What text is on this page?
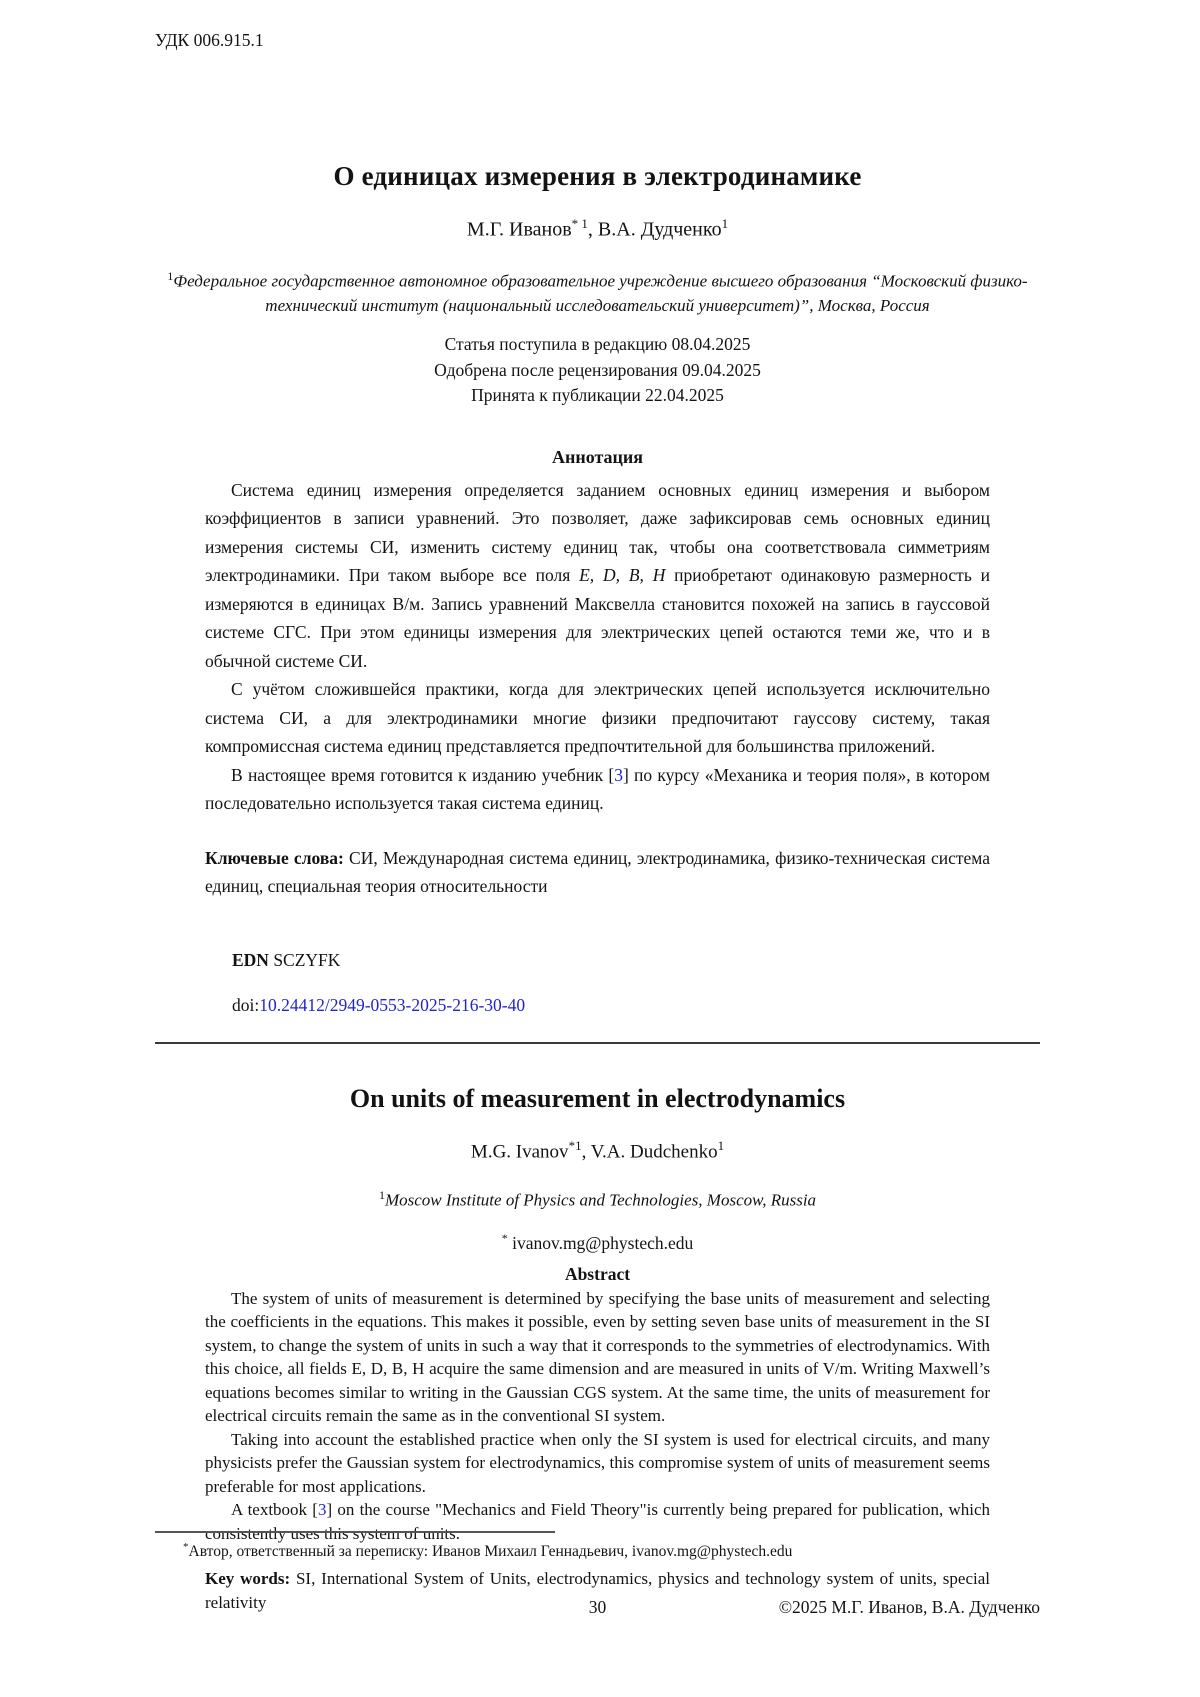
УДК 006.915.1
О единицах измерения в электродинамике
М.Г. Иванов$^{* 1}$, В.А. Дудченко$^1$
$^1$Федеральное государственное автономное образовательное учреждение высшего образования “Московский физико-технический институт (национальный исследовательский университет)”, Москва, Россия
Статья поступила в редакцию 08.04.2025
Одобрена после рецензирования 09.04.2025
Принята к публикации 22.04.2025
Аннотация

Система единиц измерения определяется заданием основных единиц измерения и выбором коэффициентов в записи уравнений. Это позволяет, даже зафиксировав семь основных единиц измерения системы СИ, изменить систему единиц так, чтобы она соответствовала симметриям электродинамики. При таком выборе все поля E, D, B, H приобретают одинаковую размерность и измеряются в единицах В/м. Запись уравнений Максвелла становится похожей на запись в гауссовой системе СГС. При этом единицы измерения для электрических цепей остаются теми же, что и в обычной системе СИ.

С учётом сложившейся практики, когда для электрических цепей используется исключительно система СИ, а для электродинамики многие физики предпочитают гауссову систему, такая компромиссная система единиц представляется предпочтительной для большинства приложений.

В настоящее время готовится к изданию учебник [3] по курсу «Механика и теория поля», в котором последовательно используется такая система единиц.

Ключевые слова: СИ, Международная система единиц, электродинамика, физико-техническая система единиц, специальная теория относительности
EDN SCZYFK
doi:10.24412/2949-0553-2025-216-30-40
On units of measurement in electrodynamics
M.G. Ivanov$^{*1}$, V.A. Dudchenko$^1$
$^1$Moscow Institute of Physics and Technologies, Moscow, Russia
* ivanov.mg@phystech.edu
Abstract

The system of units of measurement is determined by specifying the base units of measurement and selecting the coefficients in the equations. This makes it possible, even by setting seven base units of measurement in the SI system, to change the system of units in such a way that it corresponds to the symmetries of electrodynamics. With this choice, all fields E, D, B, H acquire the same dimension and are measured in units of V/m. Writing Maxwell’s equations becomes similar to writing in the Gaussian CGS system. At the same time, the units of measurement for electrical circuits remain the same as in the conventional SI system.

Taking into account the established practice when only the SI system is used for electrical circuits, and many physicists prefer the Gaussian system for electrodynamics, this compromise system of units of measurement seems preferable for most applications.

A textbook [3] on the course "Mechanics and Field Theory"is currently being prepared for publication, which consistently uses this system of units.

Key words: SI, International System of Units, electrodynamics, physics and technology system of units, special relativity
*Автор, ответственный за переписку: Иванов Михаил Геннадьевич, ivanov.mg@phystech.edu
30	©2025 М.Г. Иванов, В.А. Дудченко
